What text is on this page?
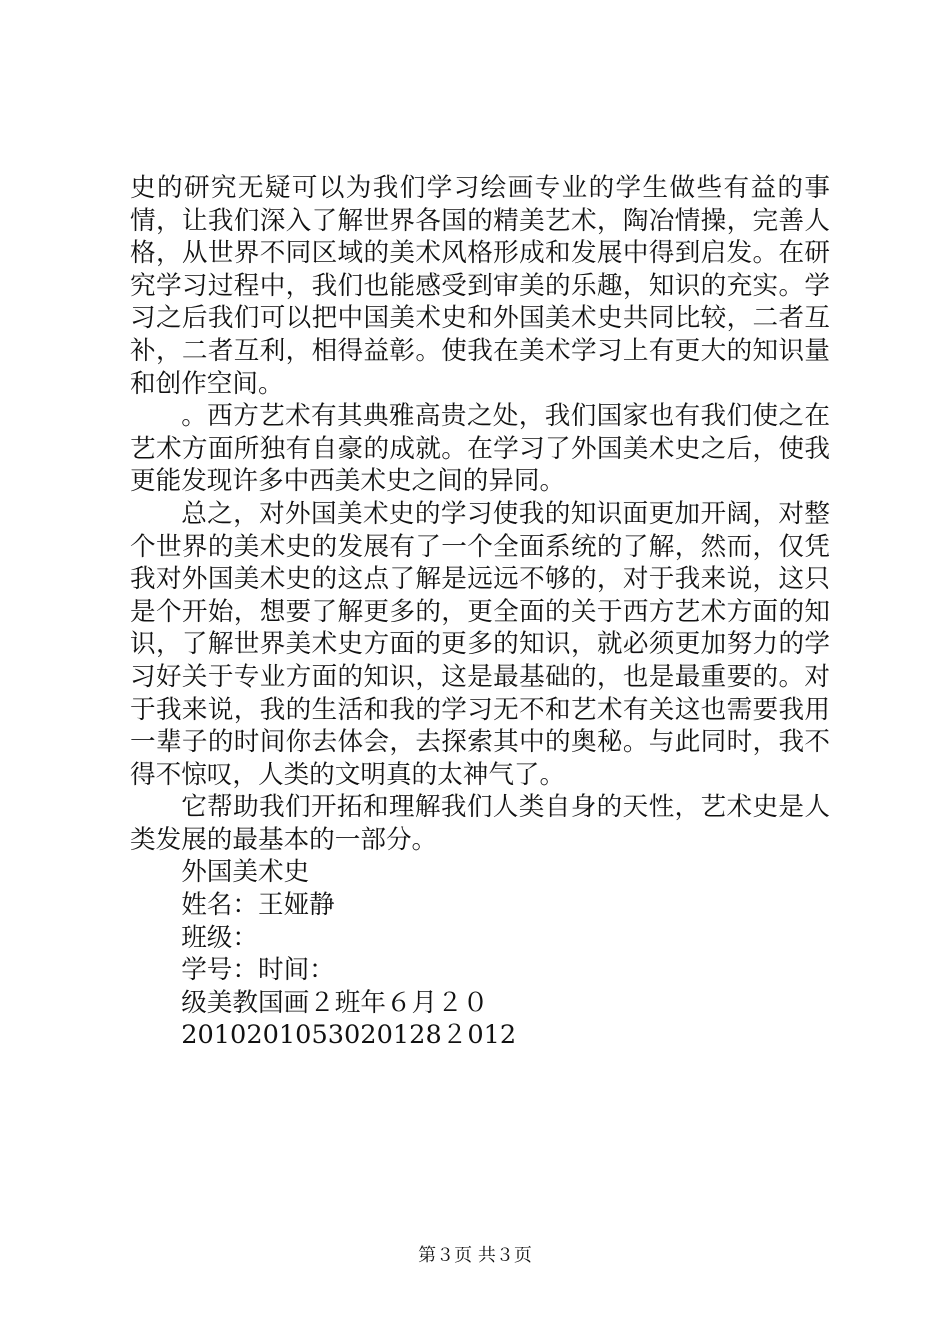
史的研究无疑可以为我们学习绘画专业的学生做些有益的事情，让我们深入了解世界各国的精美艺术，陶冶情操，完善人格，从世界不同区域的美术风格形成和发展中得到启发。在研究学习过程中，我们也能感受到审美的乐趣，知识的充实。学习之后我们可以把中国美术史和外国美术史共同比较，二者互补，二者互利，相得益彰。使我在美术学习上有更大的知识量和创作空间。

。西方艺术有其典雅高贵之处，我们国家也有我们使之在艺术方面所独有自豪的成就。在学习了外国美术史之后，使我更能发现许多中西美术史之间的异同。

总之，对外国美术史的学习使我的知识面更加开阔，对整个世界的美术史的发展有了一个全面系统的了解，然而，仅凭我对外国美术史的这点了解是远远不够的，对于我来说，这只是个开始，想要了解更多的，更全面的关于西方艺术方面的知识，了解世界美术史方面的更多的知识，就必须更加努力的学习好关于专业方面的知识，这是最基础的，也是最重要的。对于我来说，我的生活和我的学习无不和艺术有关这也需要我用一辈子的时间你去体会，去探索其中的奥秘。与此同时，我不得不惊叹，人类的文明真的太神气了。

它帮助我们开拓和理解我们人类自身的天性，艺术史是人类发展的最基本的一部分。

外国美术史

姓名：王娅静

班级：

学号：时间：

级美教国画２班年６月２０

2010201053020128２012

第３页 共３页
